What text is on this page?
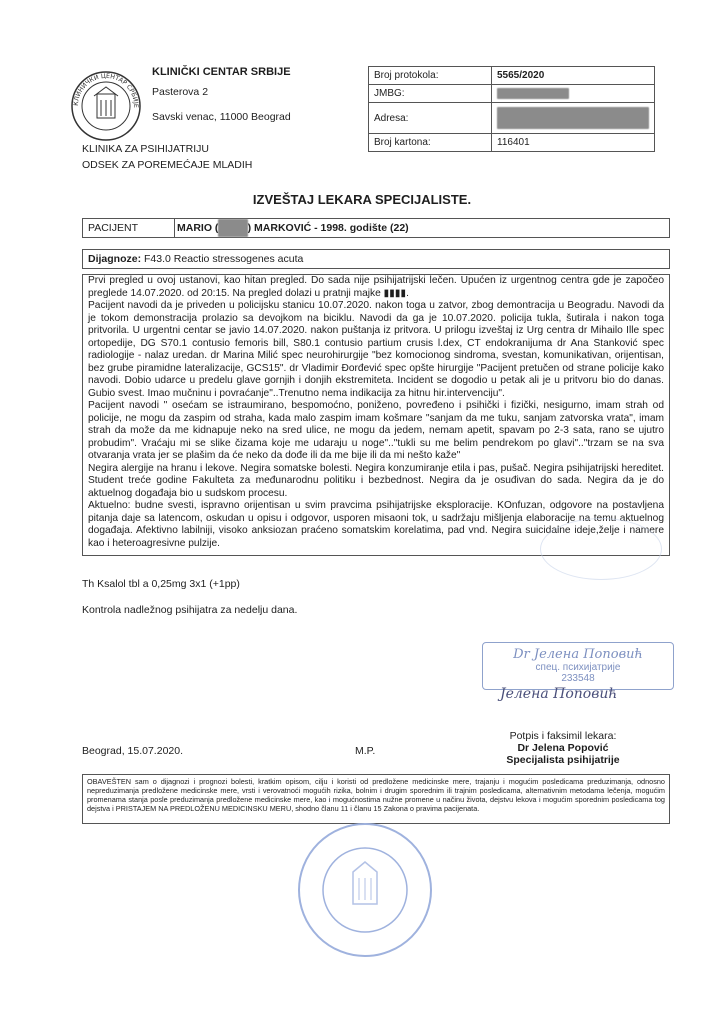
КЛИНИЧКИ ЦЕНТАР СРБИЈЕ
KLINIČKI CENTAR SRBIJE
Pasterova 2
Savski venac, 11000 Beograd
Broj protokola:	5565/2020
JMBG:	
Adresa:	
Broj kartona:	116401
KLINIKA ZA PSIHIJATRIJU
ODSEK ZA POREMEĆAJE MLADIH
IZVEŠTAJ LEKARA SPECIJALISTE.
PACIJENT	MARIO (	) MARKOVIĆ - 1998. godište (22)
Dijagnoze: F43.0 Reactio stressogenes acuta

Prvi pregled u ovoj ustanovi, kao hitan pregled. Do sada nije psihijatrijski lečen. Upućen iz urgentnog centra gde je započeo preglede 14.07.2020. od 20:15. Na pregled dolazi u pratnji majke ▮▮▮▮.

Pacijent navodi da je priveden u policijsku stanicu 10.07.2020. nakon toga u zatvor, zbog demontracija u Beogradu. Navodi da je tokom demonstracija prolazio sa devojkom na biciklu. Navodi da ga je 10.07.2020. policija tukla, šutirala i nakon toga pritvorila. U urgentni centar se javio 14.07.2020. nakon puštanja iz pritvora. U prilogu izveštaj iz Urg centra dr Mihailo Ille spec ortopedije, DG S70.1 contusio femoris bill, S80.1 contusio partium crusis l.dex, CT endokranijuma dr Ana Stanković spec radiologije - nalaz uredan. dr Marina Milić spec neurohirurgije "bez komocionog sindroma, svestan, komunikativan, orijentisan, bez grube piramidne lateralizacije, GCS15". dr Vladimir Đorđević spec opšte hirurgije "Pacijent pretučen od strane policije kako navodi. Dobio udarce u predelu glave gornjih i donjih ekstremiteta. Incident se dogodio u petak ali je u pritvoru bio do danas. Gubio svest. Imao mučninu i povraćanje"..Trenutno nema indikacija za hitnu hir.intervenciju".

Pacijent navodi " osećam se istraumirano, bespomoćno, poniženo, povređeno i psihički i fizički, nesigurno, imam strah od policije, ne mogu da zaspim od straha, kada malo zaspim imam košmare "sanjam da me tuku, sanjam zatvorska vrata", imam strah da može da me kidnapuje neko na sred ulice, ne mogu da jedem, nemam apetit, spavam po 2-3 sata, rano se ujutro probudim". Vraćaju mi se slike čizama koje me udaraju u noge".."tukli su me belim pendrekom po glavi".."trzam se na sva otvaranja vrata jer se plašim da će neko da dođe ili da me bije ili da mi nešto kaže"

Negira alergije na hranu i lekove. Negira somatske bolesti. Negira konzumiranje etila i pas, pušač. Negira psihijatrijski hereditet. Student treće godine Fakulteta za međunarodnu politiku i bezbednost. Negira da je osuđivan do sada. Negira da je do aktuelnog događaja bio u sudskom procesu.

Aktuelno: budne svesti, ispravno orijentisan u svim pravcima psihijatrijske eksploracije. KOnfuzan, odgovore na postavljena pitanja daje sa latencom, oskudan u opisu i odgovor, usporen misaoni tok, u sadržaju mišljenja elaboracije na temu aktuelnog događaja. Afektivno labilniji, visoko anksiozan praćeno somatskim korelatima, pad vnd. Negira suicidalne ideje,želje i namere kao i heteroagresivne pulzije.

Th Ksalol tbl a 0,25mg 3x1 (+1pp)
Kontrola nadležnog psihijatra za nedelju dana.
Dr Јелена Поповић
спец. психијатрије
233548
Јелена Поповић
Potpis i faksimil lekara:
Dr Jelena Popović
Specijalista psihijatrije
Beograd, 15.07.2020.	M.P.

OBAVEŠTEN sam o dijagnozi i prognozi bolesti, kratkim opisom, cilju i koristi od predložene medicinske mere, trajanju i mogućim posledicama preduzimanja, odnosno nepreduzimanja predložene medicinske mere, vrsti i verovatnoći mogućih rizika, bolnim i drugim sporednim ili trajnim posledicama, alternativnim metodama lečenja, mogućim promenama stanja posle preduzimanja predložene medicinske mere, kao i mogućnostima nužne promene u načinu života, dejstvu lekova i mogućim sporednim posledicama tog dejstva i PRISTAJEM NA PREDLOŽENU MEDICINSKU MERU, shodno članu 11 i članu 15 Zakona o pravima pacijenata.
